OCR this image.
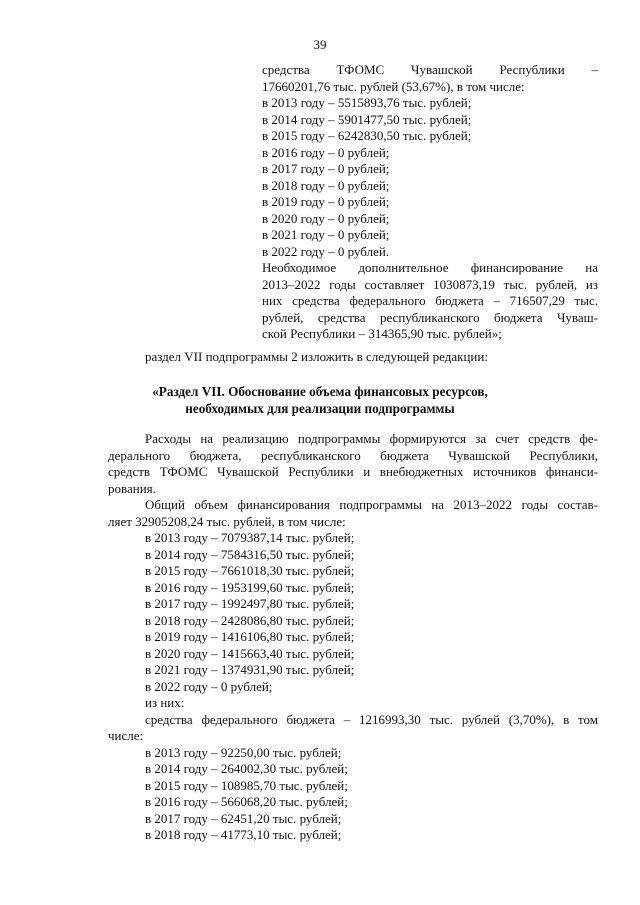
39
средства ТФОМС Чувашской Республики –
17660201,76 тыс. рублей (53,67%), в том числе:
в 2013 году – 5515893,76 тыс. рублей;
в 2014 году – 5901477,50 тыс. рублей;
в 2015 году – 6242830,50 тыс. рублей;
в 2016 году – 0 рублей;
в 2017 году – 0 рублей;
в 2018 году – 0 рублей;
в 2019 году – 0 рублей;
в 2020 году – 0 рублей;
в 2021 году – 0 рублей;
в 2022 году – 0 рублей.
Необходимое дополнительное финансирование на
2013–2022 годы составляет 1030873,19 тыс. рублей, из
них средства федерального бюджета – 716507,29 тыс.
рублей, средства республиканского бюджета Чуваш-
ской Республики – 314365,90 тыс. рублей»;
раздел VII подпрограммы 2 изложить в следующей редакции:
«Раздел VII. Обоснование объема финансовых ресурсов,
необходимых для реализации подпрограммы
Расходы на реализацию подпрограммы формируются за счет средств фе-
дерального бюджета, республиканского бюджета Чувашской Республики,
средств ТФОМС Чувашской Республики и внебюджетных источников финанси-
рования.
Общий объем финансирования подпрограммы на 2013–2022 годы состав-
ляет 32905208,24 тыс. рублей, в том числе:
в 2013 году – 7079387,14 тыс. рублей;
в 2014 году – 7584316,50 тыс. рублей;
в 2015 году – 7661018,30 тыс. рублей;
в 2016 году – 1953199,60 тыс. рублей;
в 2017 году – 1992497,80 тыс. рублей;
в 2018 году – 2428086,80 тыс. рублей;
в 2019 году – 1416106,80 тыс. рублей;
в 2020 году – 1415663,40 тыс. рублей;
в 2021 году – 1374931,90 тыс. рублей;
в 2022 году – 0 рублей;
из них:
средства федерального бюджета – 1216993,30 тыс. рублей (3,70%), в том
числе:
в 2013 году – 92250,00 тыс. рублей;
в 2014 году – 264002,30 тыс. рублей;
в 2015 году – 108985,70 тыс. рублей;
в 2016 году – 566068,20 тыс. рублей;
в 2017 году – 62451,20 тыс. рублей;
в 2018 году – 41773,10 тыс. рублей;
